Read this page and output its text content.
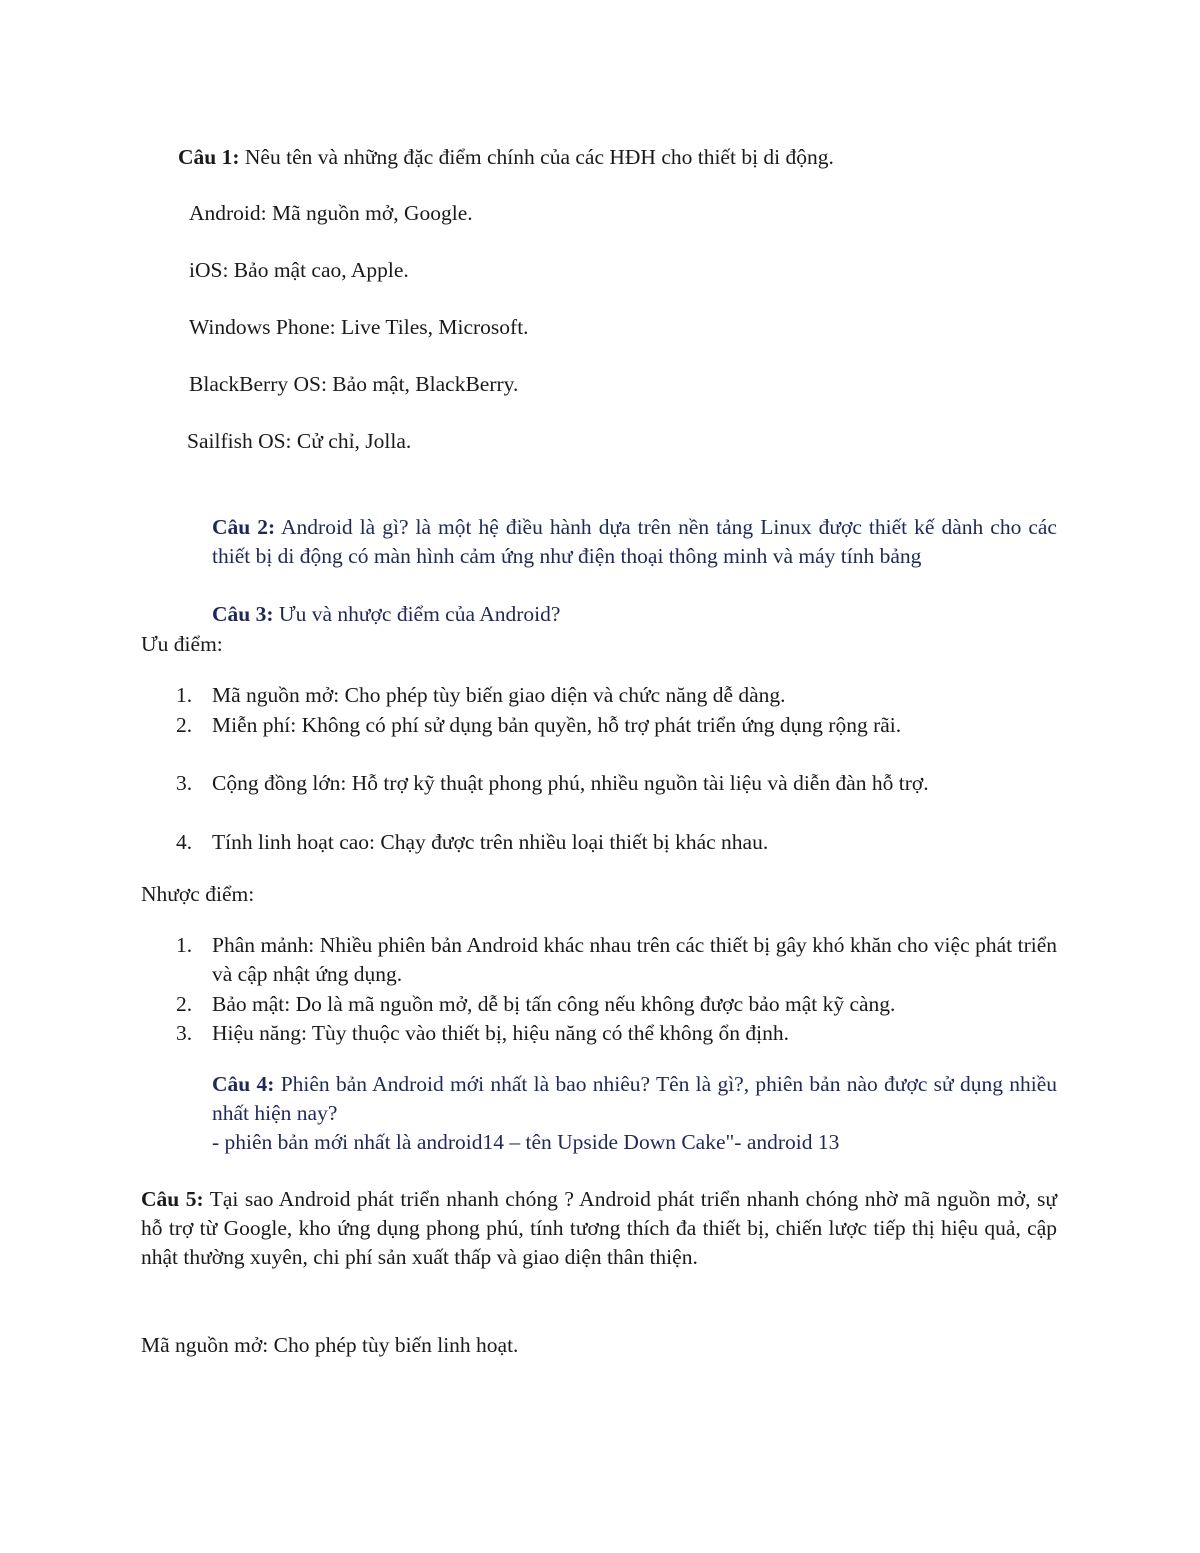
Câu 1: Nêu tên và những đặc điểm chính của các HĐH cho thiết bị di động.
Android: Mã nguồn mở, Google.
iOS: Bảo mật cao, Apple.
Windows Phone: Live Tiles, Microsoft.
BlackBerry OS: Bảo mật, BlackBerry.
Sailfish OS: Cử chỉ, Jolla.
Câu 2: Android là gì? là một hệ điều hành dựa trên nền tảng Linux được thiết kế dành cho các thiết bị di động có màn hình cảm ứng như điện thoại thông minh và máy tính bảng
Câu 3: Ưu và nhược điểm của Android?
Ưu điểm:
1. Mã nguồn mở: Cho phép tùy biến giao diện và chức năng dễ dàng.
2. Miễn phí: Không có phí sử dụng bản quyền, hỗ trợ phát triển ứng dụng rộng rãi.
3. Cộng đồng lớn: Hỗ trợ kỹ thuật phong phú, nhiều nguồn tài liệu và diễn đàn hỗ trợ.
4. Tính linh hoạt cao: Chạy được trên nhiều loại thiết bị khác nhau.
Nhược điểm:
1. Phân mảnh: Nhiều phiên bản Android khác nhau trên các thiết bị gây khó khăn cho việc phát triển và cập nhật ứng dụng.
2. Bảo mật: Do là mã nguồn mở, dễ bị tấn công nếu không được bảo mật kỹ càng.
3. Hiệu năng: Tùy thuộc vào thiết bị, hiệu năng có thể không ổn định.
Câu 4: Phiên bản Android mới nhất là bao nhiêu? Tên là gì?, phiên bản nào được sử dụng nhiều nhất hiện nay?
- phiên bản mới nhất là android14 – tên Upside Down Cake"- android 13
Câu 5: Tại sao Android phát triển nhanh chóng ? Android phát triển nhanh chóng nhờ mã nguồn mở, sự hỗ trợ từ Google, kho ứng dụng phong phú, tính tương thích đa thiết bị, chiến lược tiếp thị hiệu quả, cập nhật thường xuyên, chi phí sản xuất thấp và giao diện thân thiện.
Mã nguồn mở: Cho phép tùy biến linh hoạt.
